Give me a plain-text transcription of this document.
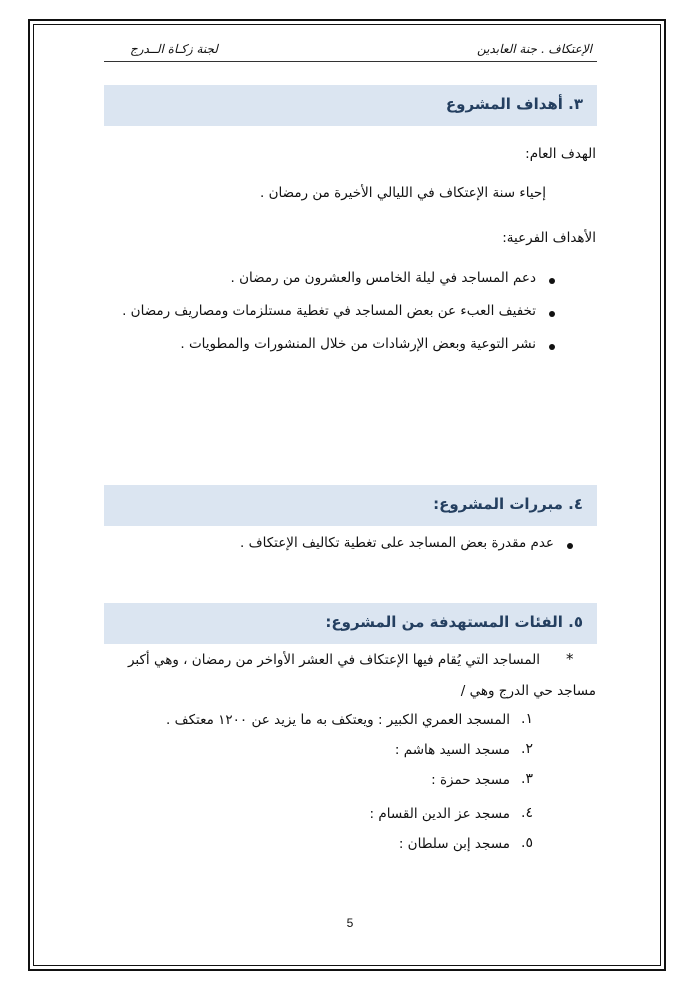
الإعتكاف . جنة العابدين
لجنة زكـاة الــدرج
٣. أهداف المشروع
الهدف العام:
إحياء سنة الإعتكاف في الليالي الأخيرة من رمضان .
الأهداف الفرعية:
دعم المساجد في ليلة الخامس والعشرون من رمضان .
تخفيف العبء عن بعض المساجد في تغطية مستلزمات ومصاريف رمضان .
نشر التوعية وبعض الإرشادات من خلال المنشورات والمطويات .
٤. مبررات المشروع:
عدم مقدرة بعض المساجد على تغطية تكاليف الإعتكاف .
٥. الفئات المستهدفة من المشروع:
*
المساجد التي يُقام فيها الإعتكاف في العشر الأواخر من رمضان ، وهي أكبر
مساجد حي الدرج وهي /
١.
المسجد العمري الكبير : ويعتكف به ما يزيد عن ١٢٠٠ معتكف .
٢.
مسجد السيد هاشم :
٣.
مسجد حمزة :
٤.
مسجد عز الدين القسام :
٥.
مسجد إبن سلطان :
5
